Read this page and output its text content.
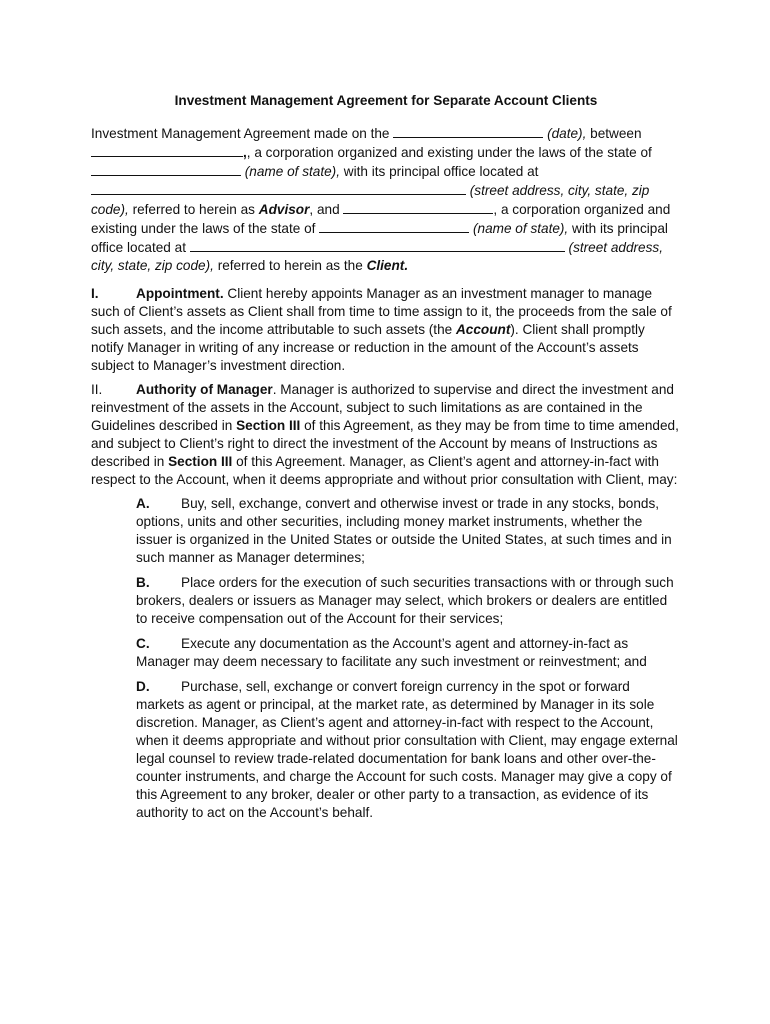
Investment Management Agreement for Separate Account Clients

Investment Management Agreement made on the	(date), between ,, a corporation organized and existing under the laws of the state of  (name of state), with its principal office located at  (street address, city, state, zip code), referred to herein as Advisor, and	, a corporation organized and existing under the laws of the state of	(name of state), with its principal office located at	(street address, city, state, zip code), referred to herein as the Client.

I.	Appointment. Client hereby appoints Manager as an investment manager to manage such of Client’s assets as Client shall from time to time assign to it, the proceeds from the sale of such assets, and the income attributable to such assets (the Account). Client shall promptly notify Manager in writing of any increase or reduction in the amount of the Account’s assets subject to Manager’s investment direction.

II. Authority of Manager. Manager is authorized to supervise and direct the investment and reinvestment of the assets in the Account, subject to such limitations as are contained in the Guidelines described in Section III of this Agreement, as they may be from time to time amended, and subject to Client’s right to direct the investment of the Account by means of Instructions as described in Section III of this Agreement. Manager, as Client’s agent and attorney-in-fact with respect to the Account, when it deems appropriate and without prior consultation with Client, may:

A. Buy, sell, exchange, convert and otherwise invest or trade in any stocks, bonds, options, units and other securities, including money market instruments, whether the issuer is organized in the United States or outside the United States, at such times and in such manner as Manager determines;

B. Place orders for the execution of such securities transactions with or through such brokers, dealers or issuers as Manager may select, which brokers or dealers are entitled to receive compensation out of the Account for their services;

C. Execute any documentation as the Account’s agent and attorney-in-fact as Manager may deem necessary to facilitate any such investment or reinvestment; and

D. Purchase, sell, exchange or convert foreign currency in the spot or forward markets as agent or principal, at the market rate, as determined by Manager in its sole discretion. Manager, as Client’s agent and attorney-in-fact with respect to the Account, when it deems appropriate and without prior consultation with Client, may engage external legal counsel to review trade-related documentation for bank loans and other over-the-counter instruments, and charge the Account for such costs. Manager may give a copy of this Agreement to any broker, dealer or other party to a transaction, as evidence of its authority to act on the Account’s behalf.
